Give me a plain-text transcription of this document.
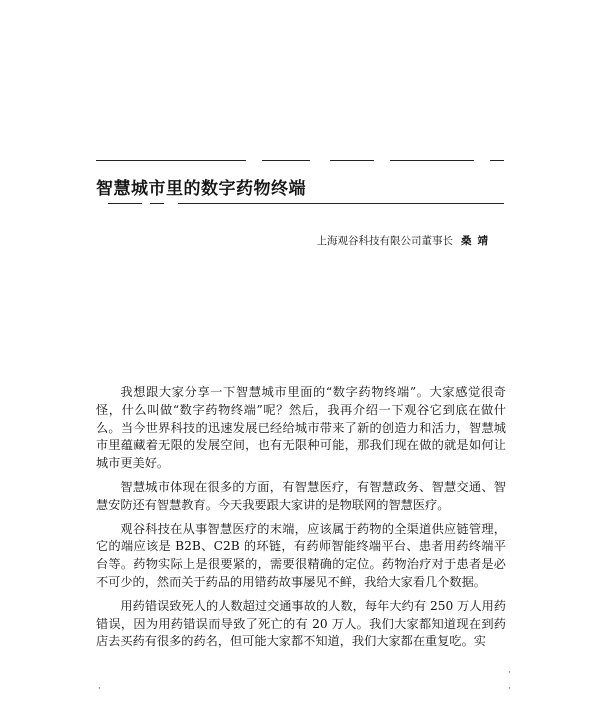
智慧城市里的数字药物终端
上海观谷科技有限公司董事长 桑靖

我想跟大家分享一下智慧城市里面的“数字药物终端”。大家感觉很奇怪，什么叫做“数字药物终端”呢？然后，我再介绍一下观谷它到底在做什么。当今世界科技的迅速发展已经给城市带来了新的创造力和活力，智慧城市里蕴藏着无限的发展空间，也有无限种可能，那我们现在做的就是如何让城市更美好。

智慧城市体现在很多的方面，有智慧医疗，有智慧政务、智慧交通、智慧安防还有智慧教育。今天我要跟大家讲的是物联网的智慧医疗。

观谷科技在从事智慧医疗的末端，应该属于药物的全渠道供应链管理，它的端应该是 B2B、C2B 的环链，有药师智能终端平台、患者用药终端平台等。药物实际上是很要紧的，需要很精确的定位。药物治疗对于患者是必不可少的，然而关于药品的用错药故事屡见不鲜，我给大家看几个数据。

用药错误致死人的人数超过交通事故的人数，每年大约有 250 万人用药错误，因为用药错误而导致了死亡的有 20 万人。我们大家都知道现在到药店去买药有很多的药名，但可能大家都不知道，我们大家都在重复吃。实

·
·
·
